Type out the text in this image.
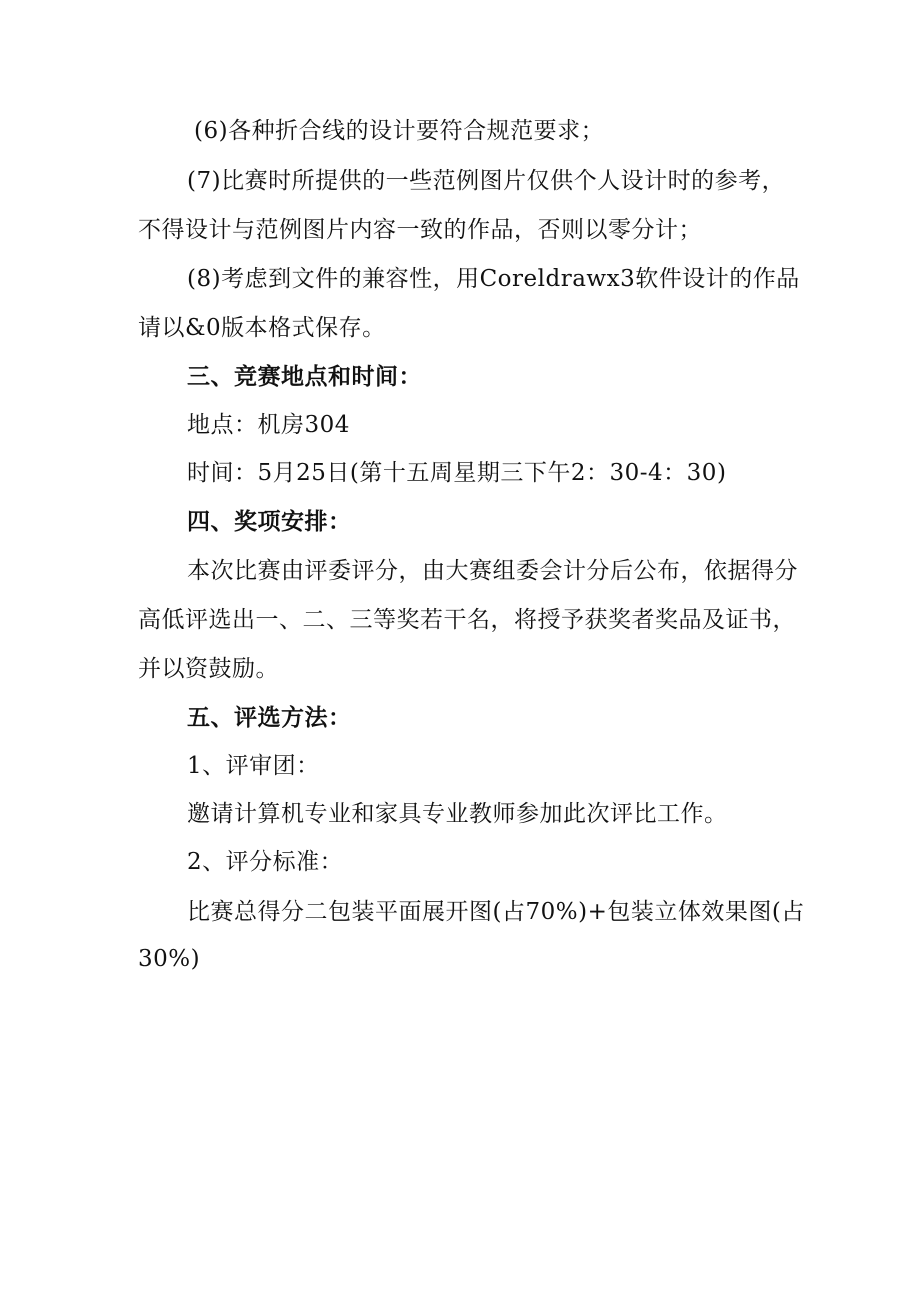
(6)各种折合线的设计要符合规范要求；
(7)比赛时所提供的一些范例图片仅供个人设计时的参考，
不得设计与范例图片内容一致的作品，否则以零分计；
(8)考虑到文件的兼容性，用Coreldrawx3软件设计的作品
请以&0版本格式保存。
三、竞赛地点和时间：
地点：机房304
时间：5月25日(第十五周星期三下午2：30-4：30)
四、奖项安排：
本次比赛由评委评分，由大赛组委会计分后公布，依据得分
高低评选出一、二、三等奖若干名，将授予获奖者奖品及证书，
并以资鼓励。
五、评选方法：
1、评审团：
邀请计算机专业和家具专业教师参加此次评比工作。
2、评分标准：
比赛总得分二包装平面展开图(占70%)+包装立体效果图(占
30%)
